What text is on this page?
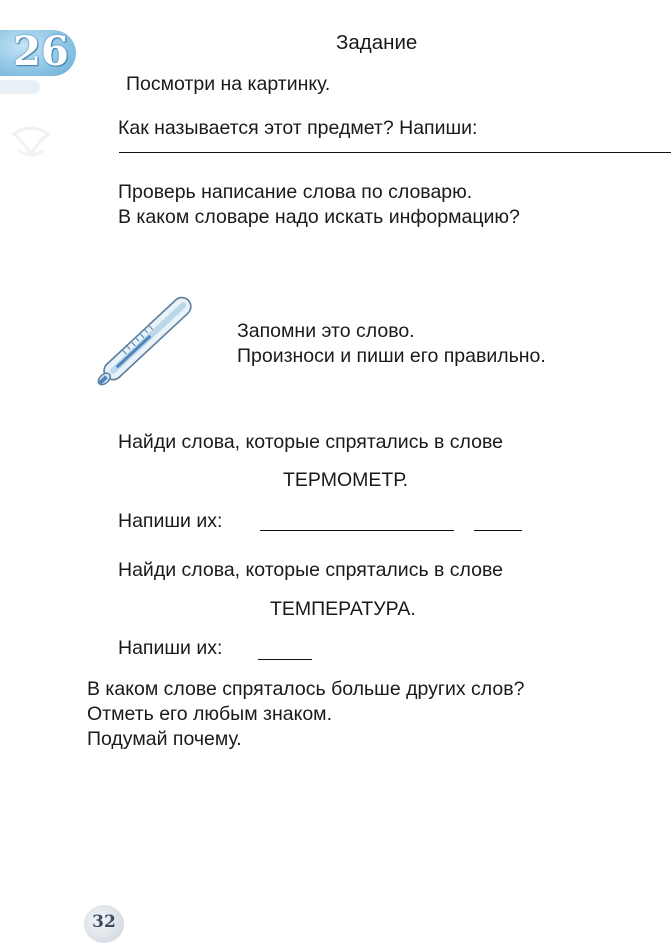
26	Задание
Посмотри на картинку.
Как называется этот предмет? Напиши:
Проверь написание слова по словарю.
В каком словаре надо искать информацию?
Запомни это слово.
Произноси и пиши его правильно.
Найди слова, которые спрятались в слове
ТЕРМОМЕТР.
Напиши их:
Найди слова, которые спрятались в слове
ТЕМПЕРАТУРА.
Напиши их:
В каком слове спряталось больше других слов?
Отметь его любым знаком.
Подумай почему.
32
